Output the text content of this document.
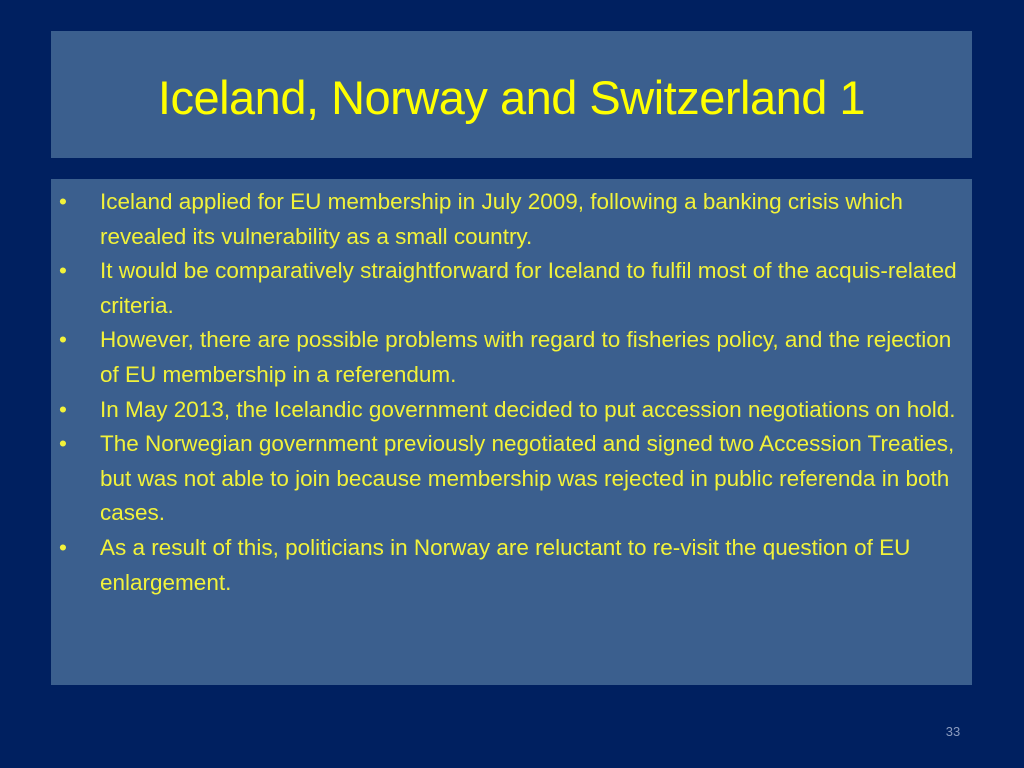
Iceland, Norway and Switzerland 1
• Iceland applied for EU membership in July 2009, following a banking crisis which revealed its vulnerability as a small country.
• It would be comparatively straightforward for Iceland to fulfil most of the acquis-related criteria.
• However, there are possible problems with regard to fisheries policy, and the rejection of EU membership in a referendum.
• In May 2013, the Icelandic government decided to put accession negotiations on hold.
• The Norwegian government previously negotiated and signed two Accession Treaties, but was not able to join because membership was rejected in public referenda in both cases.
• As a result of this, politicians in Norway are reluctant to re-visit the question of EU enlargement.
33
